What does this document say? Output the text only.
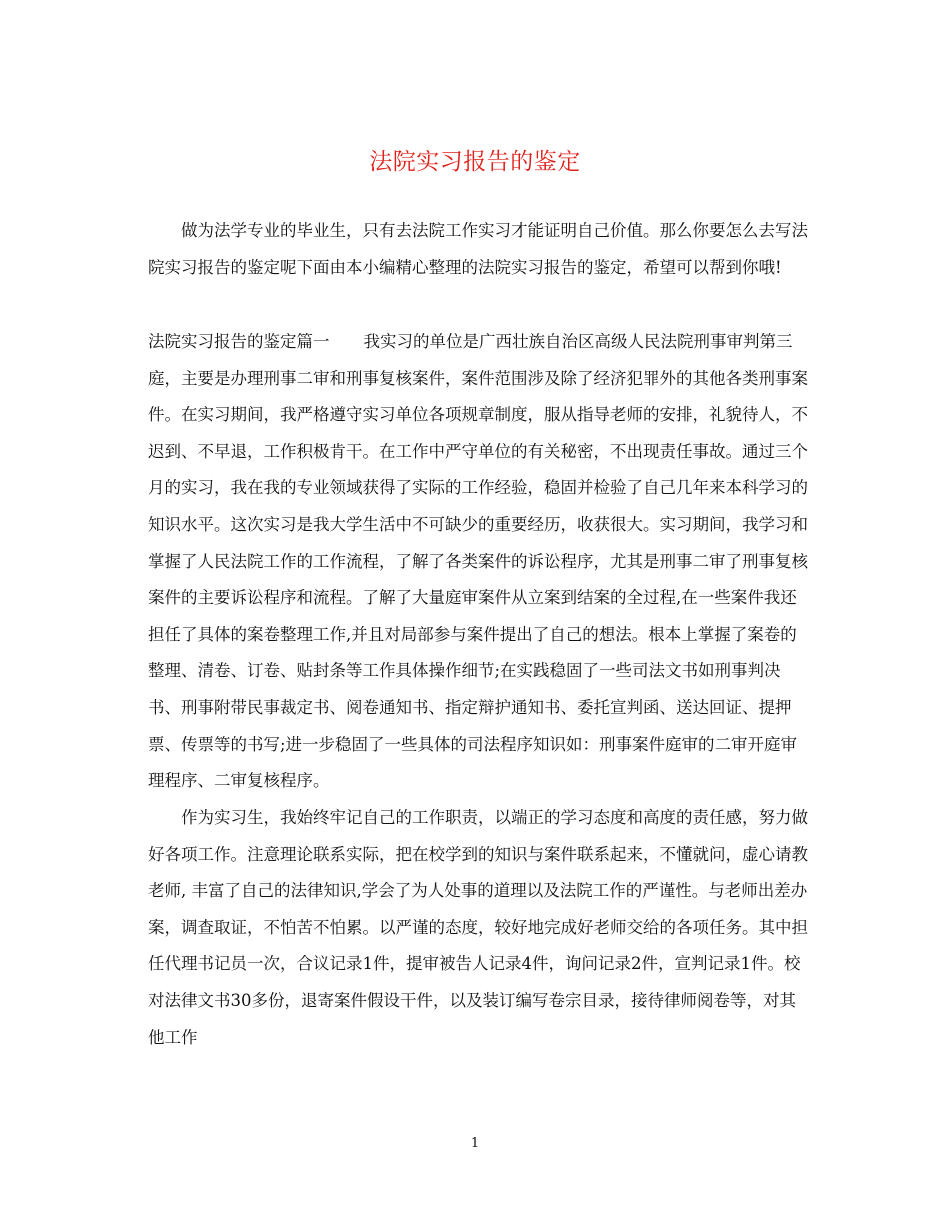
法院实习报告的鉴定

做为法学专业的毕业生，只有去法院工作实习才能证明自己价值。那么你要怎么去写法院实习报告的鉴定呢下面由本小编精心整理的法院实习报告的鉴定，希望可以帮到你哦!

法院实习报告的鉴定篇一 我实习的单位是广西壮族自治区高级人民法院刑事审判第三庭，主要是办理刑事二审和刑事复核案件，案件范围涉及除了经济犯罪外的其他各类刑事案件。在实习期间，我严格遵守实习单位各项规章制度，服从指导老师的安排，礼貌待人，不迟到、不早退，工作积极肯干。在工作中严守单位的有关秘密，不出现责任事故。通过三个月的实习，我在我的专业领域获得了实际的工作经验，稳固并检验了自己几年来本科学习的知识水平。这次实习是我大学生活中不可缺少的重要经历，收获很大。实习期间，我学习和掌握了人民法院工作的工作流程，了解了各类案件的诉讼程序，尤其是刑事二审了刑事复核案件的主要诉讼程序和流程。了解了大量庭审案件从立案到结案的全过程,在一些案件我还担任了具体的案卷整理工作,并且对局部参与案件提出了自己的想法。根本上掌握了案卷的整理、清卷、订卷、贴封条等工作具体操作细节;在实践稳固了一些司法文书如刑事判决书、刑事附带民事裁定书、阅卷通知书、指定辩护通知书、委托宣判函、送达回证、提押票、传票等的书写;进一步稳固了一些具体的司法程序知识如：刑事案件庭审的二审开庭审理程序、二审复核程序。

作为实习生，我始终牢记自己的工作职责，以端正的学习态度和高度的责任感，努力做好各项工作。注意理论联系实际，把在校学到的知识与案件联系起来，不懂就问，虚心请教老师, 丰富了自己的法律知识,学会了为人处事的道理以及法院工作的严谨性。与老师出差办案，调查取证，不怕苦不怕累。以严谨的态度，较好地完成好老师交给的各项任务。其中担任代理书记员一次，合议记录1件，提审被告人记录4件，询问记录2件，宣判记录1件。校对法律文书30多份，退寄案件假设干件，以及装订编写卷宗目录，接待律师阅卷等，对其他工作

1
